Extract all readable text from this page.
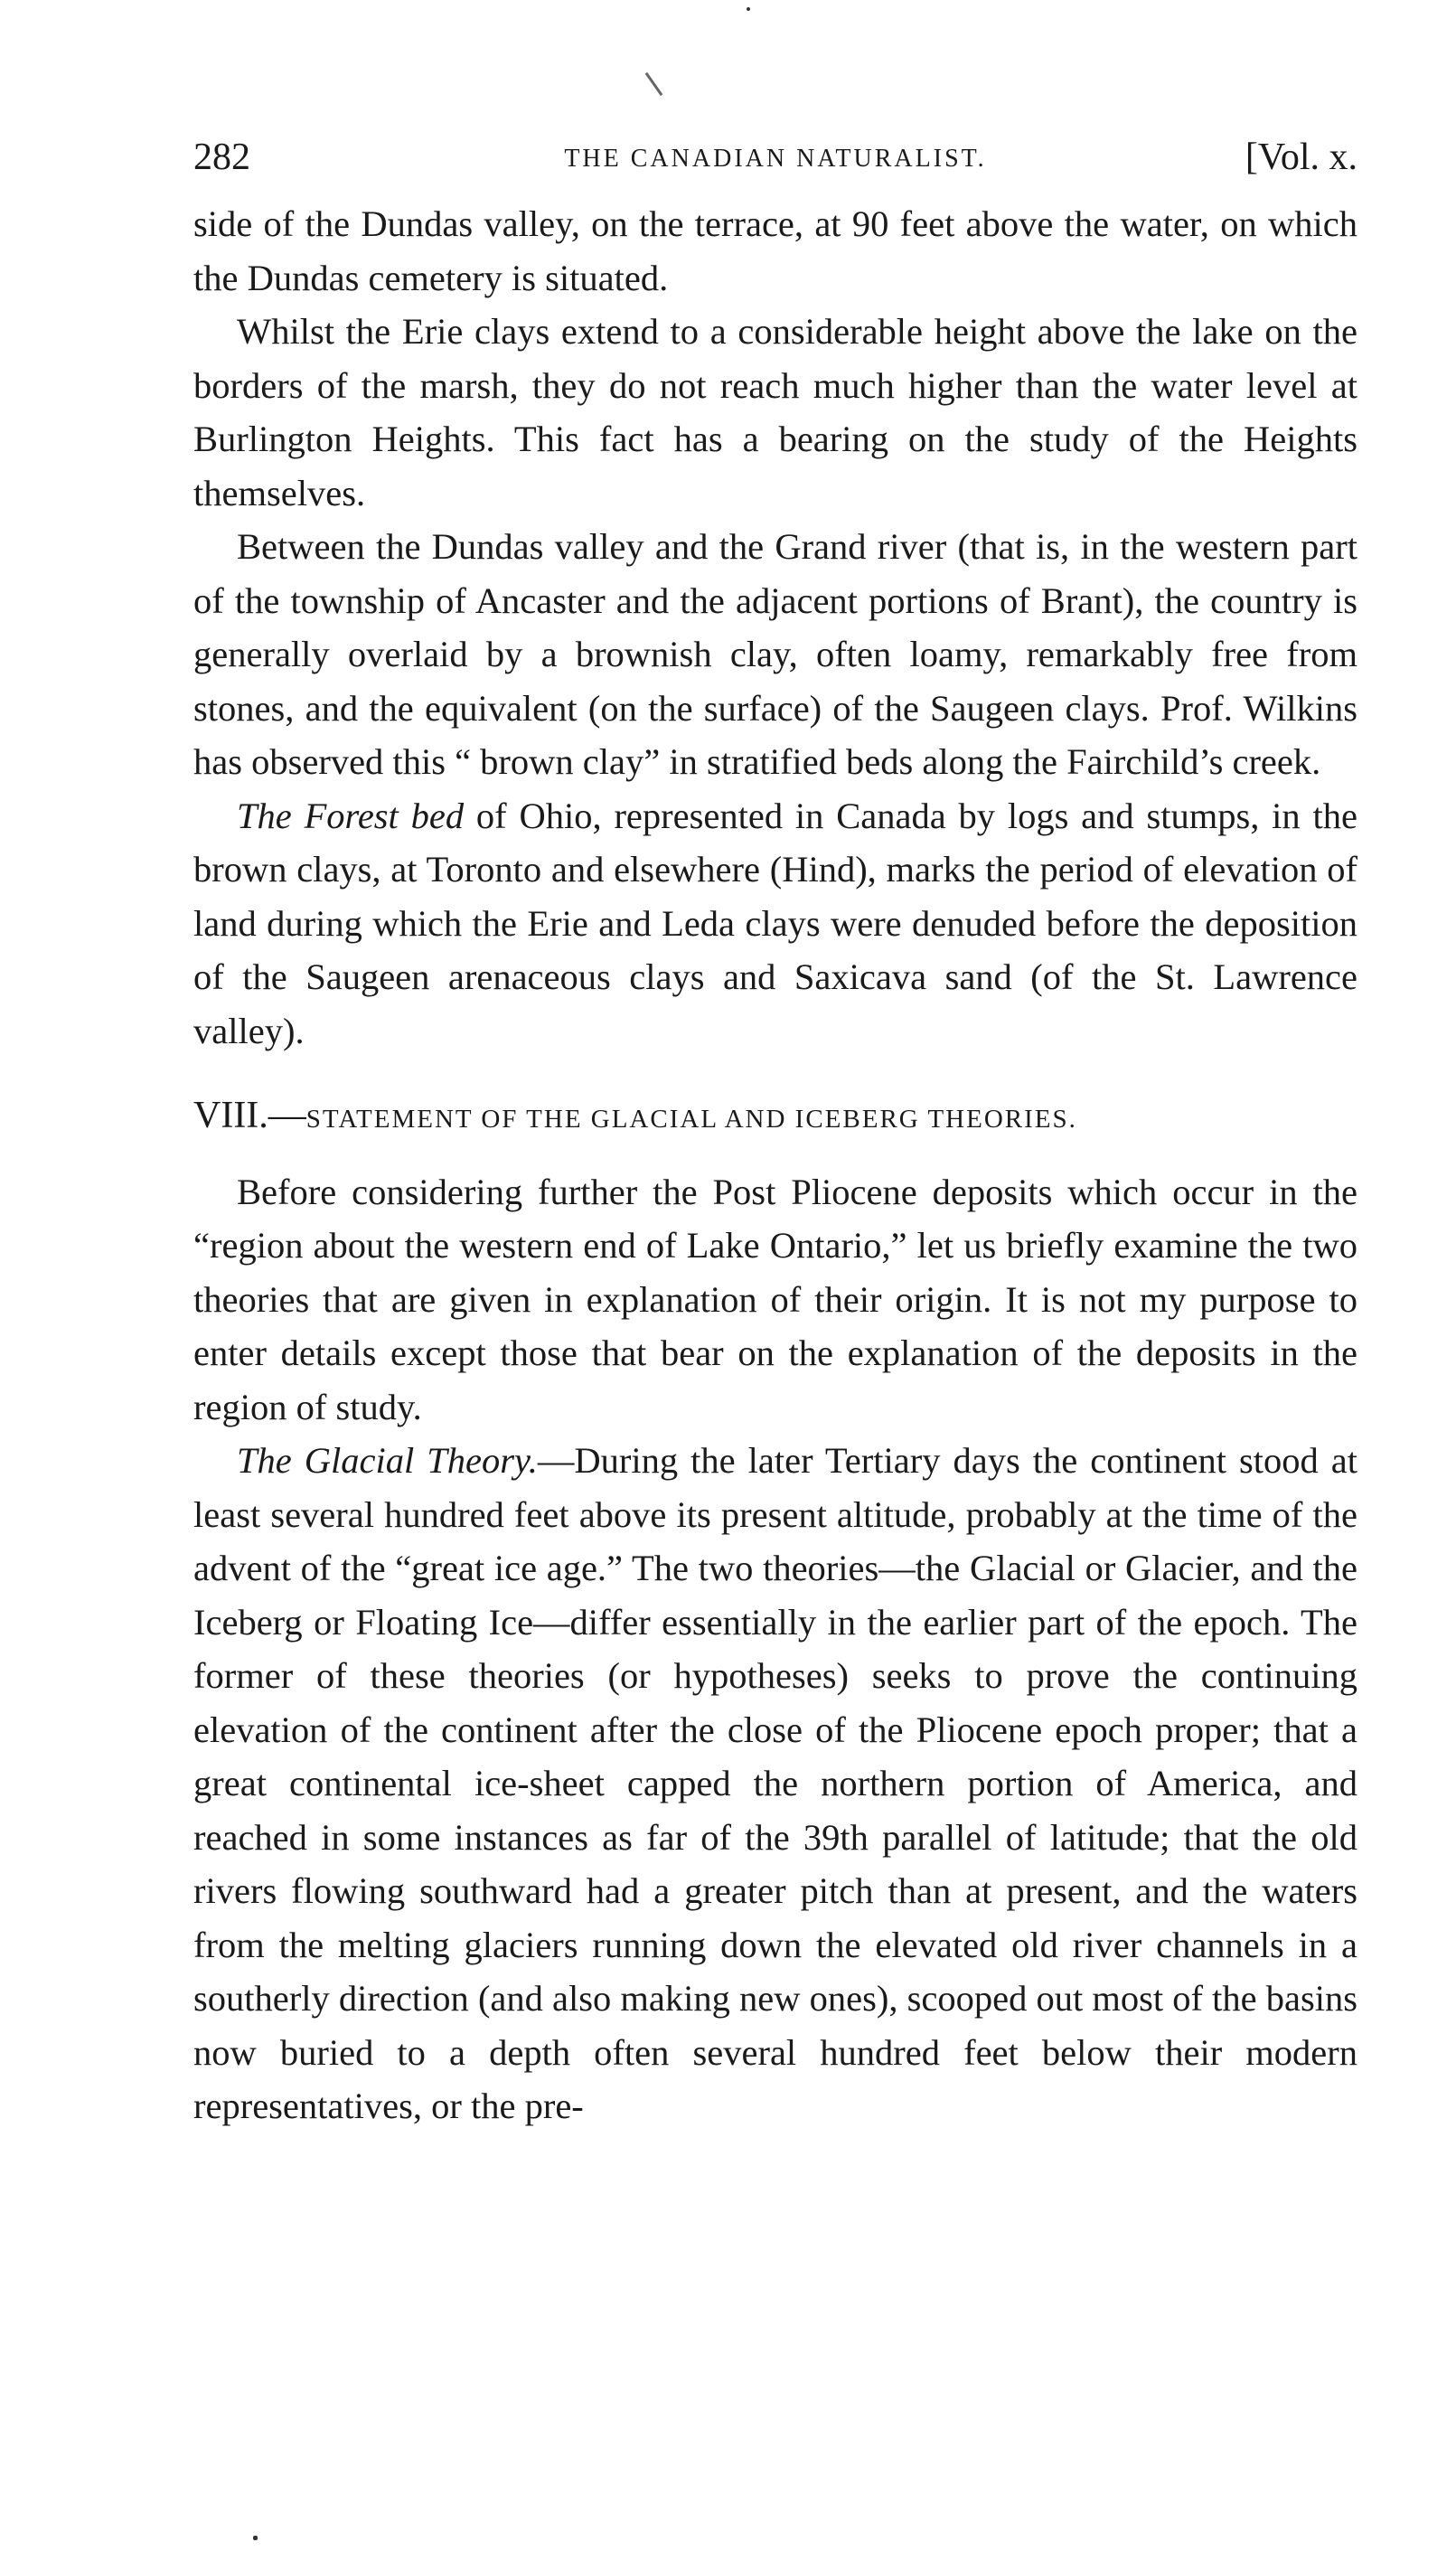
282	THE CANADIAN NATURALIST.	[Vol. x.

side of the Dundas valley, on the terrace, at 90 feet above the water, on which the Dundas cemetery is situated.

Whilst the Erie clays extend to a considerable height above the lake on the borders of the marsh, they do not reach much higher than the water level at Burlington Heights. This fact has a bearing on the study of the Heights themselves.

Between the Dundas valley and the Grand river (that is, in the western part of the township of Ancaster and the adjacent portions of Brant), the country is generally overlaid by a brownish clay, often loamy, remarkably free from stones, and the equivalent (on the surface) of the Saugeen clays. Prof. Wilkins has observed this “ brown clay” in stratified beds along the Fairchild’s creek.

The Forest bed of Ohio, represented in Canada by logs and stumps, in the brown clays, at Toronto and elsewhere (Hind), marks the period of elevation of land during which the Erie and Leda clays were denuded before the deposition of the Saugeen arenaceous clays and Saxicava sand (of the St. Lawrence valley).

VIII.—STATEMENT OF THE GLACIAL AND ICEBERG THEORIES.

Before considering further the Post Pliocene deposits which occur in the “region about the western end of Lake Ontario,” let us briefly examine the two theories that are given in explanation of their origin. It is not my purpose to enter details except those that bear on the explanation of the deposits in the region of study.

The Glacial Theory.—During the later Tertiary days the continent stood at least several hundred feet above its present altitude, probably at the time of the advent of the “great ice age.” The two theories—the Glacial or Glacier, and the Iceberg or Floating Ice—differ essentially in the earlier part of the epoch. The former of these theories (or hypotheses) seeks to prove the continuing elevation of the continent after the close of the Pliocene epoch proper; that a great continental ice-sheet capped the northern portion of America, and reached in some instances as far of the 39th parallel of latitude; that the old rivers flowing southward had a greater pitch than at present, and the waters from the melting glaciers running down the elevated old river channels in a southerly direction (and also making new ones), scooped out most of the basins now buried to a depth often several hundred feet below their modern representatives, or the pre-
